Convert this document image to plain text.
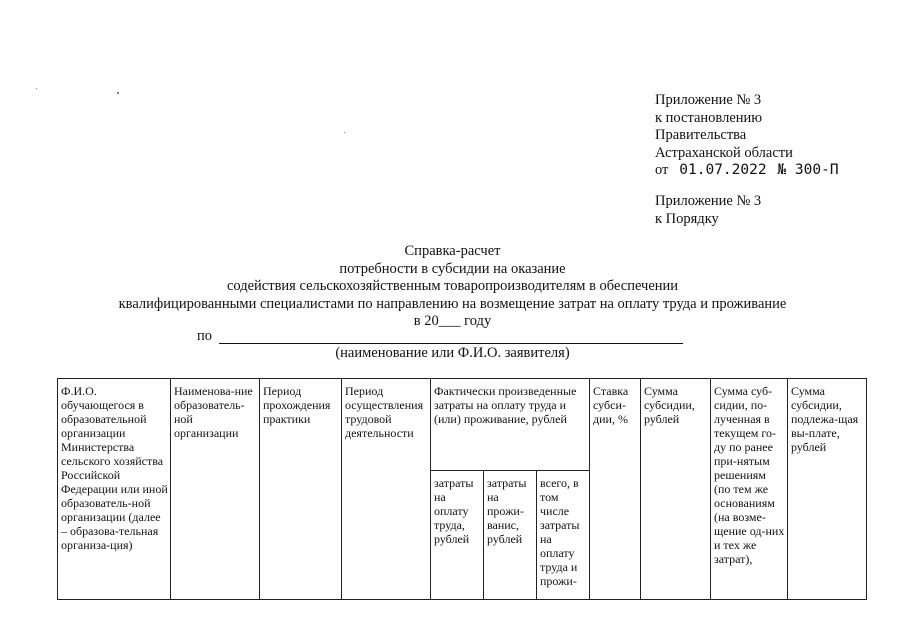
Приложение № 3
к постановлению
Правительства
Астраханской области
от 01.07.2022 № 300-П
Приложение № 3
к Порядку
Справка-расчет
потребности в субсидии на оказание
содействия сельскохозяйственным товаропроизводителям в обеспечении
квалифицированными специалистами по направлению на возмещение затрат на оплату труда и проживание
в 20___ году
по
(наименование или Ф.И.О. заявителя)
Ф.И.О. обучающегося в образовательной организации Министерства сельского хозяйства Российской Федерации или иной образователь-ной организации (далее – образова-тельная организа-ция)	Наименова-ние образователь-ной организации	Период прохождения практики	Период осуществления трудовой деятельности	Фактически произведенные затраты на оплату труда и (или) проживание, рублей			Ставка субси-дии, %	Сумма субсидии, рублей	Сумма суб-сидии, по-лученная в текущем го-ду по ранее при-нятым решениям (по тем же основаниям (на возме-щение од-них и тех же затрат),	Сумма субсидии, подлежа-щая вы-плате, рублей

				затраты на оплату труда, рублей	затраты на прожи-ванис, рублей	всего, в том числе затраты на оплату труда и прожи-				
